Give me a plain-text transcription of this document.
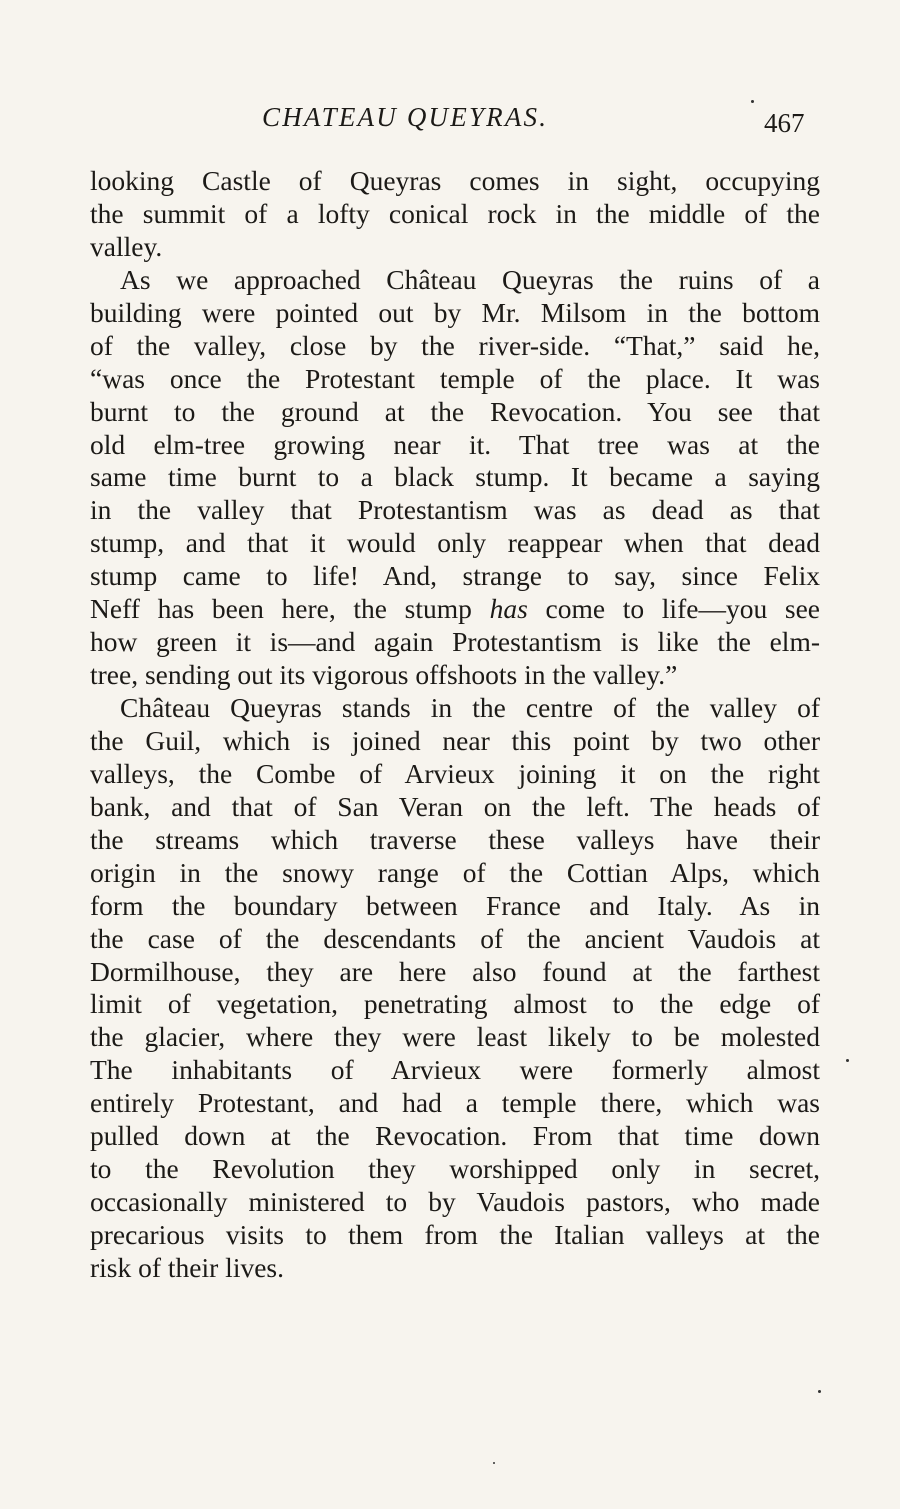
CHATEAU QUEYRAS.	467
looking Castle of Queyras comes in sight, occupying
the summit of a lofty conical rock in the middle of the
valley.
As we approached Château Queyras the ruins of a
building were pointed out by Mr. Milsom in the bottom
of the valley, close by the river-side. “That,” said he,
“was once the Protestant temple of the place. It was
burnt to the ground at the Revocation. You see that
old elm-tree growing near it. That tree was at the
same time burnt to a black stump. It became a saying
in the valley that Protestantism was as dead as that
stump, and that it would only reappear when that dead
stump came to life! And, strange to say, since Felix
Neff has been here, the stump has come to life—you see
how green it is—and again Protestantism is like the elm-
tree, sending out its vigorous offshoots in the valley.”
Château Queyras stands in the centre of the valley of
the Guil, which is joined near this point by two other
valleys, the Combe of Arvieux joining it on the right
bank, and that of San Veran on the left. The heads of
the streams which traverse these valleys have their
origin in the snowy range of the Cottian Alps, which
form the boundary between France and Italy. As in
the case of the descendants of the ancient Vaudois at
Dormilhouse, they are here also found at the farthest
limit of vegetation, penetrating almost to the edge of
the glacier, where they were least likely to be molested
The inhabitants of Arvieux were formerly almost
entirely Protestant, and had a temple there, which was
pulled down at the Revocation. From that time down
to the Revolution they worshipped only in secret,
occasionally ministered to by Vaudois pastors, who made
precarious visits to them from the Italian valleys at the
risk of their lives.
